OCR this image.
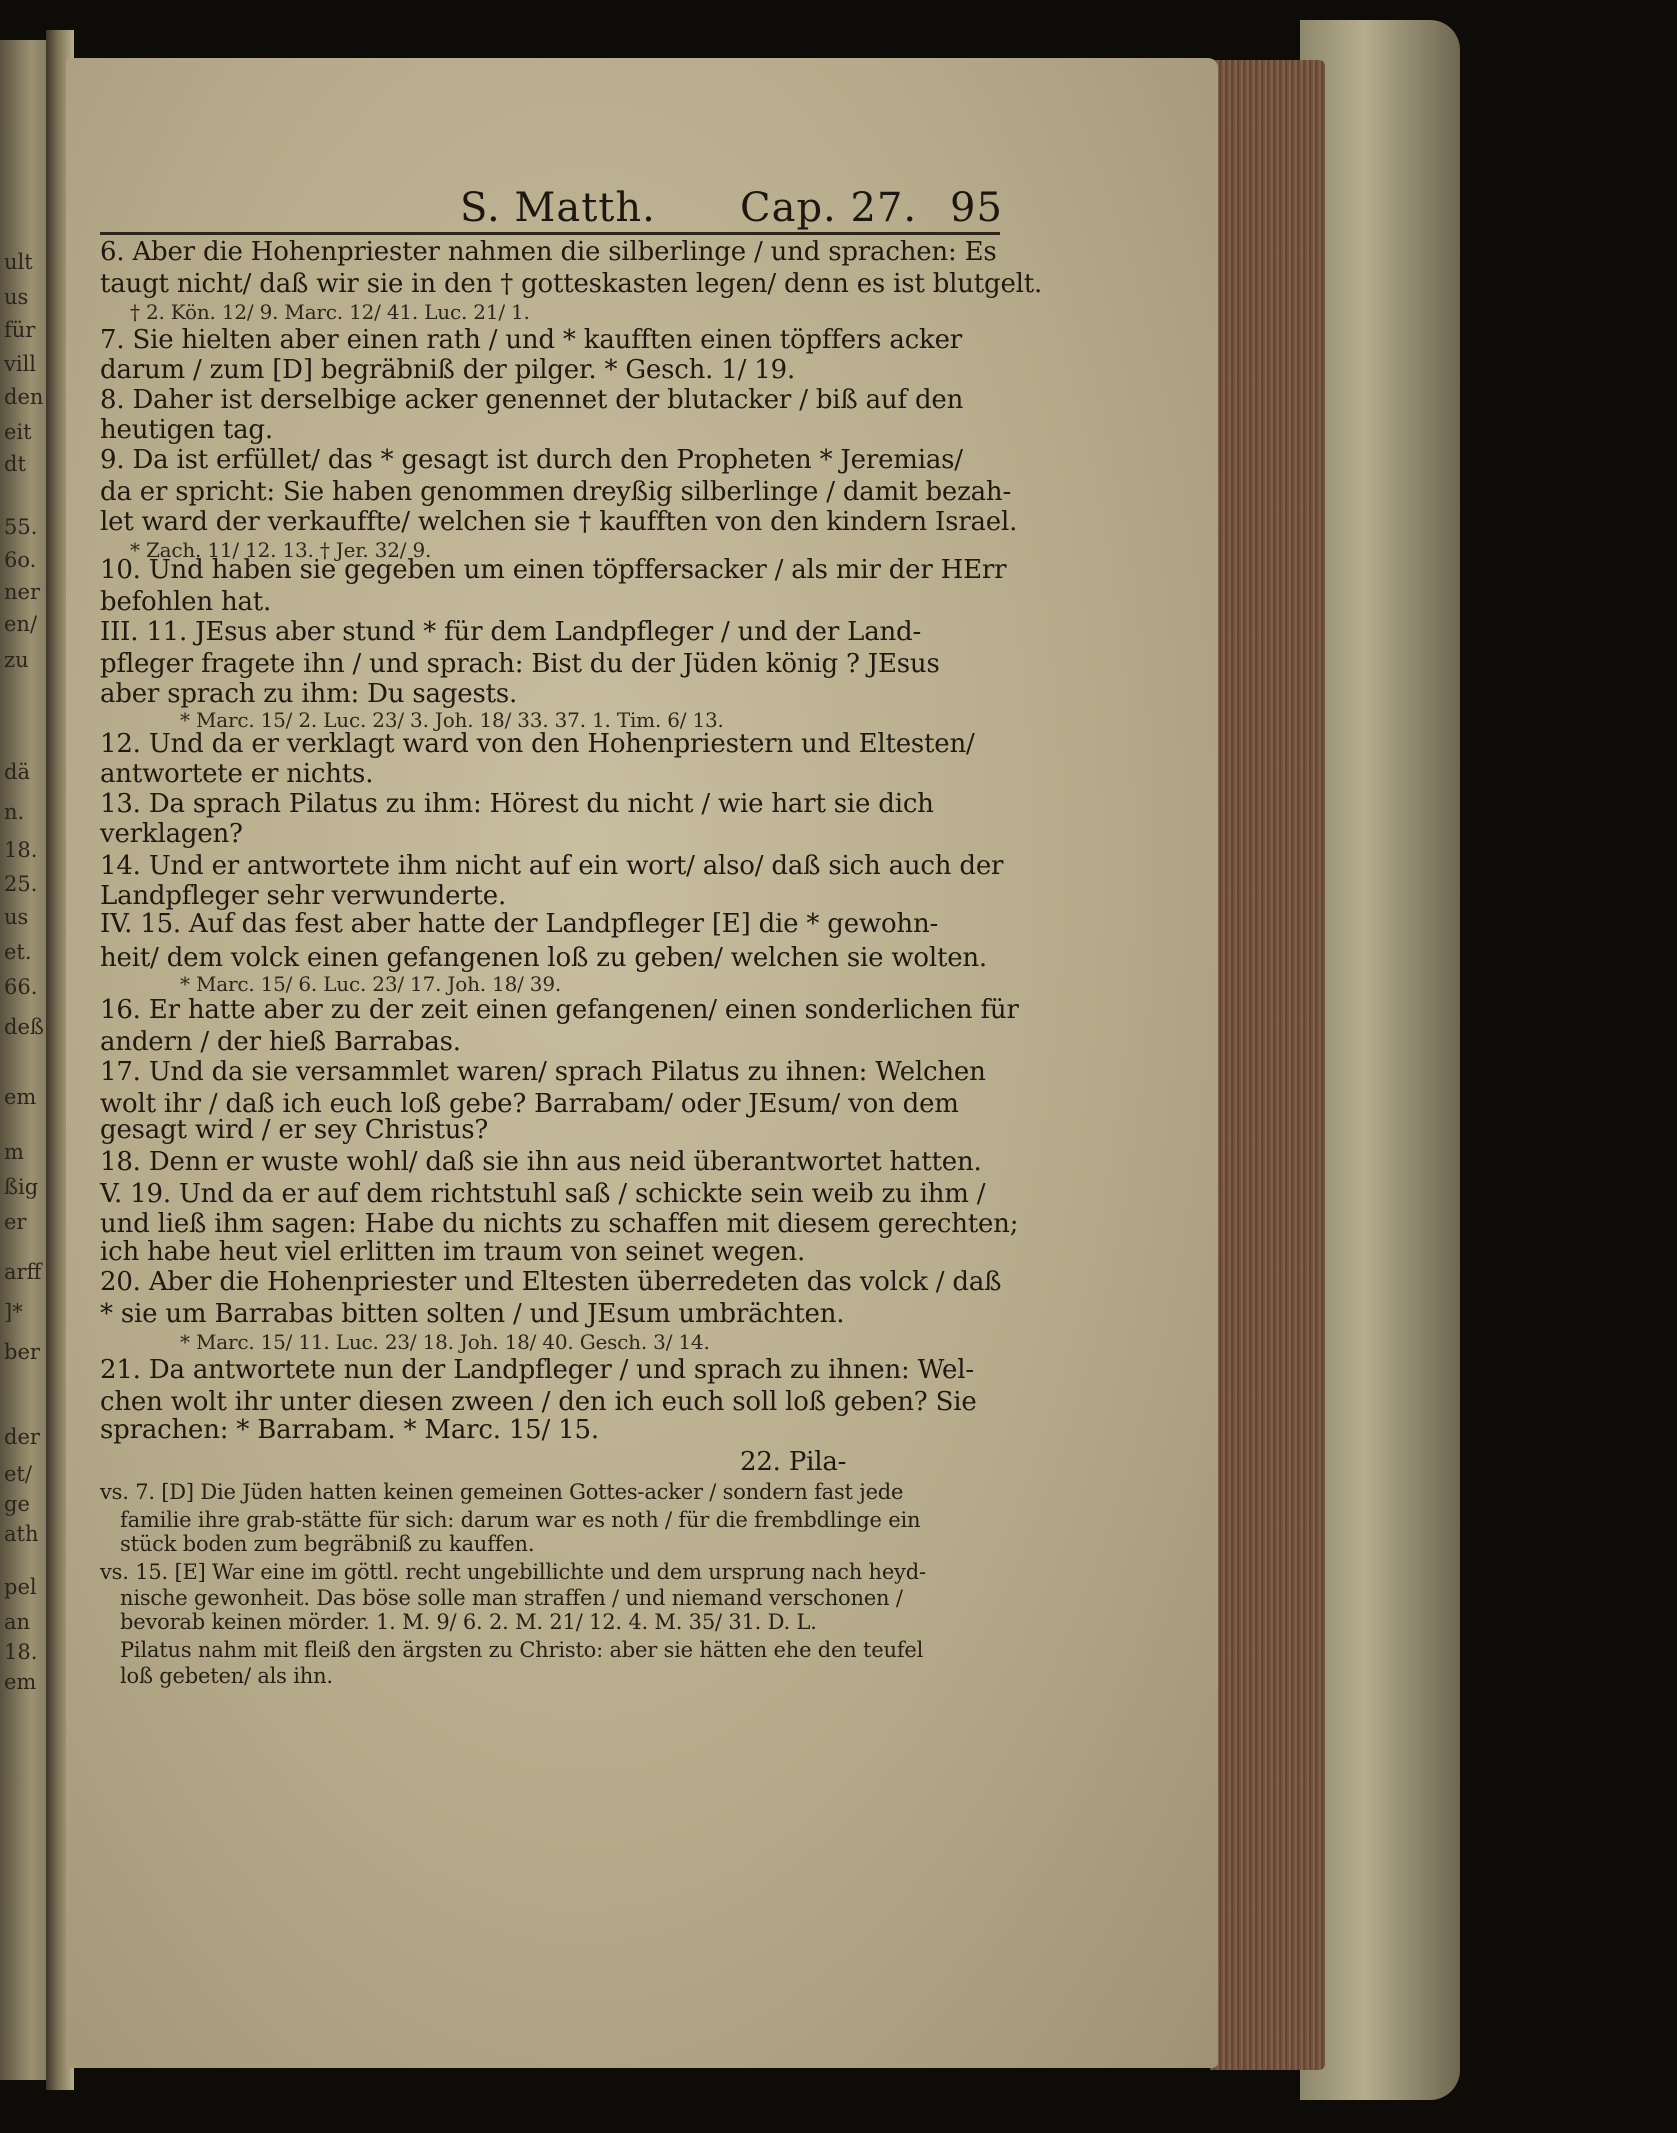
ult
us
für
vill
den
eit
dt
55.
6o.
ner
en/
zu
dä
n.
18.
25.
us
et.
66.
deß
em
m
ßig
er
arff
]*
ber
der
et/
ge
ath
pel
an
18.
em
S. Matth. Cap. 27. 95
6. Aber die Hohenpriester nahmen die silberlinge / und sprachen: Es
taugt nicht/ daß wir sie in den † gotteskasten legen/ denn es ist blutgelt.
† 2. Kön. 12/ 9. Marc. 12/ 41. Luc. 21/ 1.
7. Sie hielten aber einen rath / und * kaufften einen töpffers acker
darum / zum [D] begräbniß der pilger. * Gesch. 1/ 19.
8. Daher ist derselbige acker genennet der blutacker / biß auf den
heutigen tag.
9. Da ist erfüllet/ das * gesagt ist durch den Propheten * Jeremias/
da er spricht: Sie haben genommen dreyßig silberlinge / damit bezah-
let ward der verkauffte/ welchen sie † kaufften von den kindern Israel.
* Zach. 11/ 12. 13. † Jer. 32/ 9.
10. Und haben sie gegeben um einen töpffersacker / als mir der HErr
befohlen hat.
III. 11. JEsus aber stund * für dem Landpfleger / und der Land-
pfleger fragete ihn / und sprach: Bist du der Jüden könig ? JEsus
aber sprach zu ihm: Du sagests.
* Marc. 15/ 2. Luc. 23/ 3. Joh. 18/ 33. 37. 1. Tim. 6/ 13.
12. Und da er verklagt ward von den Hohenpriestern und Eltesten/
antwortete er nichts.
13. Da sprach Pilatus zu ihm: Hörest du nicht / wie hart sie dich
verklagen?
14. Und er antwortete ihm nicht auf ein wort/ also/ daß sich auch der
Landpfleger sehr verwunderte.
IV. 15. Auf das fest aber hatte der Landpfleger [E] die * gewohn-
heit/ dem volck einen gefangenen loß zu geben/ welchen sie wolten.
* Marc. 15/ 6. Luc. 23/ 17. Joh. 18/ 39.
16. Er hatte aber zu der zeit einen gefangenen/ einen sonderlichen für
andern / der hieß Barrabas.
17. Und da sie versammlet waren/ sprach Pilatus zu ihnen: Welchen
wolt ihr / daß ich euch loß gebe? Barrabam/ oder JEsum/ von dem
gesagt wird / er sey Christus?
18. Denn er wuste wohl/ daß sie ihn aus neid überantwortet hatten.
V. 19. Und da er auf dem richtstuhl saß / schickte sein weib zu ihm /
und ließ ihm sagen: Habe du nichts zu schaffen mit diesem gerechten;
ich habe heut viel erlitten im traum von seinet wegen.
20. Aber die Hohenpriester und Eltesten überredeten das volck / daß
* sie um Barrabas bitten solten / und JEsum umbrächten.
* Marc. 15/ 11. Luc. 23/ 18. Joh. 18/ 40. Gesch. 3/ 14.
21. Da antwortete nun der Landpfleger / und sprach zu ihnen: Wel-
chen wolt ihr unter diesen zween / den ich euch soll loß geben? Sie
sprachen: * Barrabam. * Marc. 15/ 15.
22. Pila-
vs. 7. [D] Die Jüden hatten keinen gemeinen Gottes-acker / sondern fast jede
familie ihre grab-stätte für sich: darum war es noth / für die frembdlinge ein
stück boden zum begräbniß zu kauffen.
vs. 15. [E] War eine im göttl. recht ungebillichte und dem ursprung nach heyd-
nische gewonheit. Das böse solle man straffen / und niemand verschonen /
bevorab keinen mörder. 1. M. 9/ 6. 2. M. 21/ 12. 4. M. 35/ 31. D. L.
Pilatus nahm mit fleiß den ärgsten zu Christo: aber sie hätten ehe den teufel
loß gebeten/ als ihn.
